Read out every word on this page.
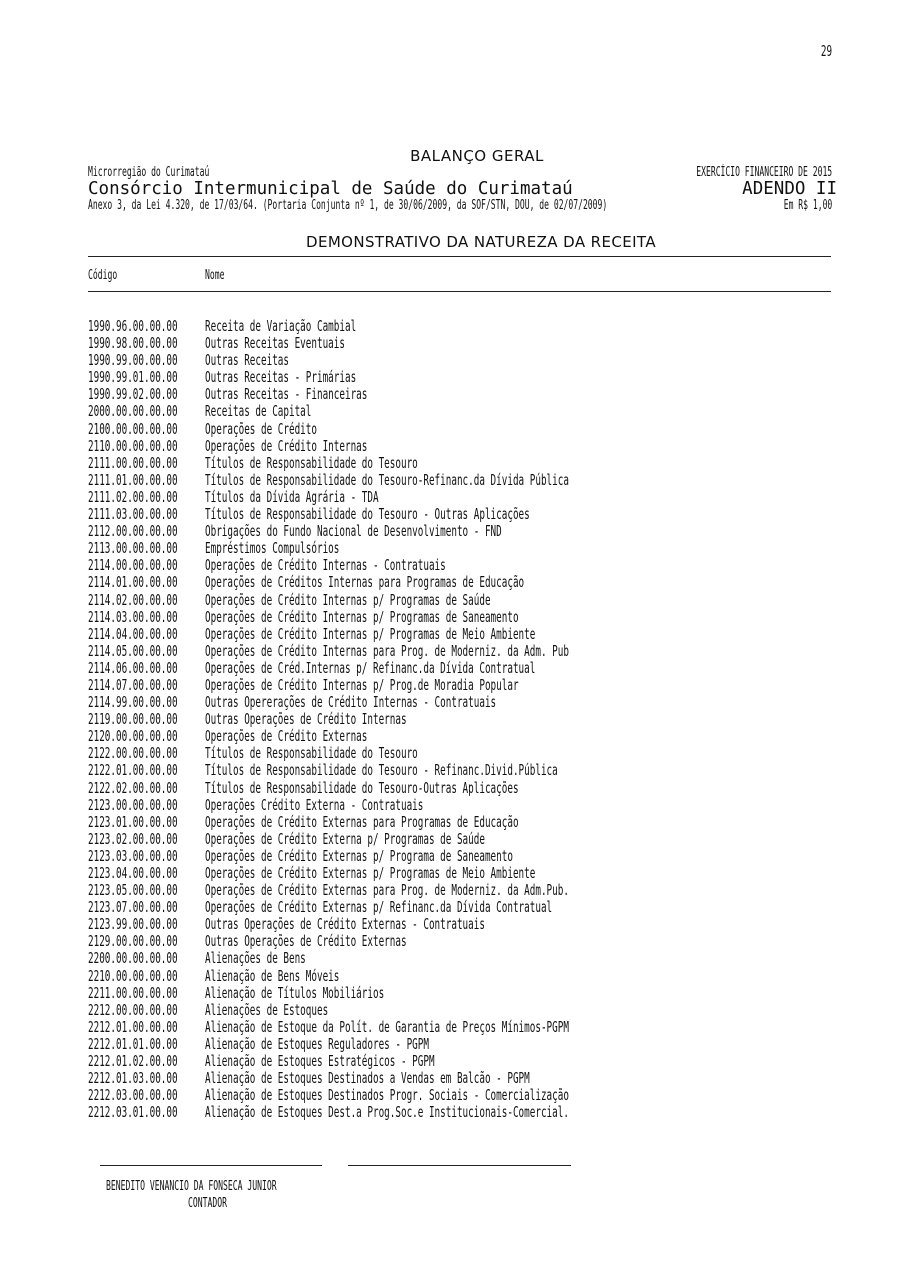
29
BALANÇO GERAL
Microrregião do Curimataú	EXERCÍCIO FINANCEIRO DE 2015
Consórcio Intermunicipal de Saúde do Curimataú	ADENDO II
Anexo 3, da Lei 4.320, de 17/03/64. (Portaria Conjunta nº 1, de 30/06/2009, da SOF/STN, DOU, de 02/07/2009)	Em R$ 1,00
DEMONSTRATIVO DA NATUREZA DA RECEITA
Código	Nome
1990.96.00.00.00 Receita de Variação Cambial
1990.98.00.00.00 Outras Receitas Eventuais
1990.99.00.00.00 Outras Receitas
1990.99.01.00.00 Outras Receitas - Primárias
1990.99.02.00.00 Outras Receitas - Financeiras
2000.00.00.00.00 Receitas de Capital
2100.00.00.00.00 Operações de Crédito
2110.00.00.00.00 Operações de Crédito Internas
2111.00.00.00.00 Títulos de Responsabilidade do Tesouro
2111.01.00.00.00 Títulos de Responsabilidade do Tesouro-Refinanc.da Dívida Pública
2111.02.00.00.00 Títulos da Dívida Agrária - TDA
2111.03.00.00.00 Títulos de Responsabilidade do Tesouro - Outras Aplicações
2112.00.00.00.00 Obrigações do Fundo Nacional de Desenvolvimento - FND
2113.00.00.00.00 Empréstimos Compulsórios
2114.00.00.00.00 Operações de Crédito Internas - Contratuais
2114.01.00.00.00 Operações de Créditos Internas para Programas de Educação
2114.02.00.00.00 Operações de Crédito Internas p/ Programas de Saúde
2114.03.00.00.00 Operações de Crédito Internas p/ Programas de Saneamento
2114.04.00.00.00 Operações de Crédito Internas p/ Programas de Meio Ambiente
2114.05.00.00.00 Operações de Crédito Internas para Prog. de Moderniz. da Adm. Pub
2114.06.00.00.00 Operações de Créd.Internas p/ Refinanc.da Dívida Contratual
2114.07.00.00.00 Operações de Crédito Internas p/ Prog.de Moradia Popular
2114.99.00.00.00 Outras Opererações de Crédito Internas - Contratuais
2119.00.00.00.00 Outras Operações de Crédito Internas
2120.00.00.00.00 Operações de Crédito Externas
2122.00.00.00.00 Títulos de Responsabilidade do Tesouro
2122.01.00.00.00 Títulos de Responsabilidade do Tesouro - Refinanc.Divid.Pública
2122.02.00.00.00 Títulos de Responsabilidade do Tesouro-Outras Aplicações
2123.00.00.00.00 Operações Crédito Externa - Contratuais
2123.01.00.00.00 Operações de Crédito Externas para Programas de Educação
2123.02.00.00.00 Operações de Crédito Externa p/ Programas de Saúde
2123.03.00.00.00 Operações de Crédito Externas p/ Programa de Saneamento
2123.04.00.00.00 Operações de Crédito Externas p/ Programas de Meio Ambiente
2123.05.00.00.00 Operações de Crédito Externas para Prog. de Moderniz. da Adm.Pub.
2123.07.00.00.00 Operações de Crédito Externas p/ Refinanc.da Dívida Contratual
2123.99.00.00.00 Outras Operações de Crédito Externas - Contratuais
2129.00.00.00.00 Outras Operações de Crédito Externas
2200.00.00.00.00 Alienações de Bens
2210.00.00.00.00 Alienação de Bens Móveis
2211.00.00.00.00 Alienação de Títulos Mobiliários
2212.00.00.00.00 Alienações de Estoques
2212.01.00.00.00 Alienação de Estoque da Polít. de Garantia de Preços Mínimos-PGPM
2212.01.01.00.00 Alienação de Estoques Reguladores - PGPM
2212.01.02.00.00 Alienação de Estoques Estratégicos - PGPM
2212.01.03.00.00 Alienação de Estoques Destinados a Vendas em Balcão - PGPM
2212.03.00.00.00 Alienação de Estoques Destinados Progr. Sociais - Comercialização
2212.03.01.00.00 Alienação de Estoques Dest.a Prog.Soc.e Institucionais-Comercial.
BENEDITO VENANCIO DA FONSECA JUNIOR
CONTADOR
